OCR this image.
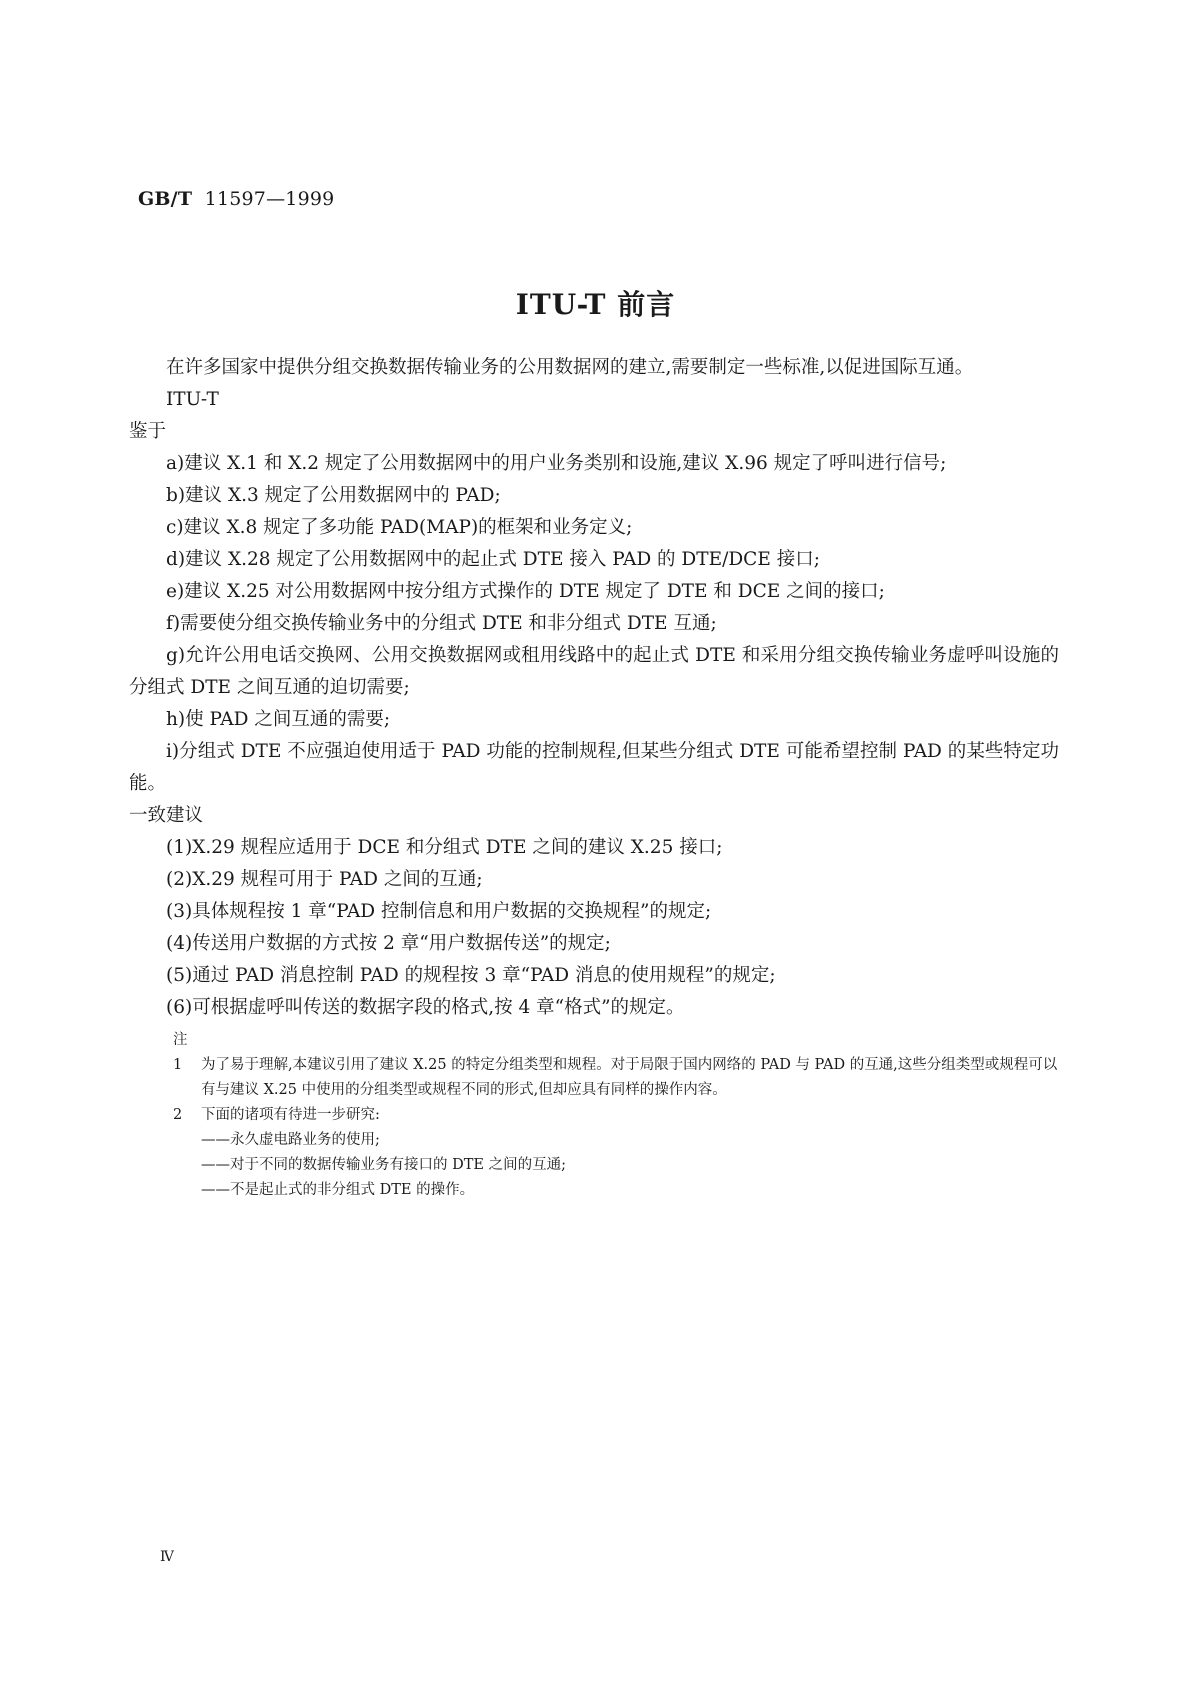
GB/T 11597—1999
ITU-T 前言

在许多国家中提供分组交换数据传输业务的公用数据网的建立,需要制定一些标准,以促进国际互通。

ITU-T

鉴于

a)建议 X.1 和 X.2 规定了公用数据网中的用户业务类别和设施,建议 X.96 规定了呼叫进行信号;

b)建议 X.3 规定了公用数据网中的 PAD;

c)建议 X.8 规定了多功能 PAD(MAP)的框架和业务定义;

d)建议 X.28 规定了公用数据网中的起止式 DTE 接入 PAD 的 DTE/DCE 接口;

e)建议 X.25 对公用数据网中按分组方式操作的 DTE 规定了 DTE 和 DCE 之间的接口;

f)需要使分组交换传输业务中的分组式 DTE 和非分组式 DTE 互通;

g)允许公用电话交换网、公用交换数据网或租用线路中的起止式 DTE 和采用分组交换传输业务虚呼叫设施的分组式 DTE 之间互通的迫切需要;

h)使 PAD 之间互通的需要;

i)分组式 DTE 不应强迫使用适于 PAD 功能的控制规程,但某些分组式 DTE 可能希望控制 PAD 的某些特定功能。

一致建议

(1)X.29 规程应适用于 DCE 和分组式 DTE 之间的建议 X.25 接口;

(2)X.29 规程可用于 PAD 之间的互通;

(3)具体规程按 1 章“PAD 控制信息和用户数据的交换规程”的规定;

(4)传送用户数据的方式按 2 章“用户数据传送”的规定;

(5)通过 PAD 消息控制 PAD 的规程按 3 章“PAD 消息的使用规程”的规定;

(6)可根据虚呼叫传送的数据字段的格式,按 4 章“格式”的规定。

注
1 为了易于理解,本建议引用了建议 X.25 的特定分组类型和规程。对于局限于国内网络的 PAD 与 PAD 的互通,这些分组类型或规程可以有与建议 X.25 中使用的分组类型或规程不同的形式,但却应具有同样的操作内容。
2 下面的诸项有待进一步研究:
——永久虚电路业务的使用;
——对于不同的数据传输业务有接口的 DTE 之间的互通;
——不是起止式的非分组式 DTE 的操作。
Ⅳ
